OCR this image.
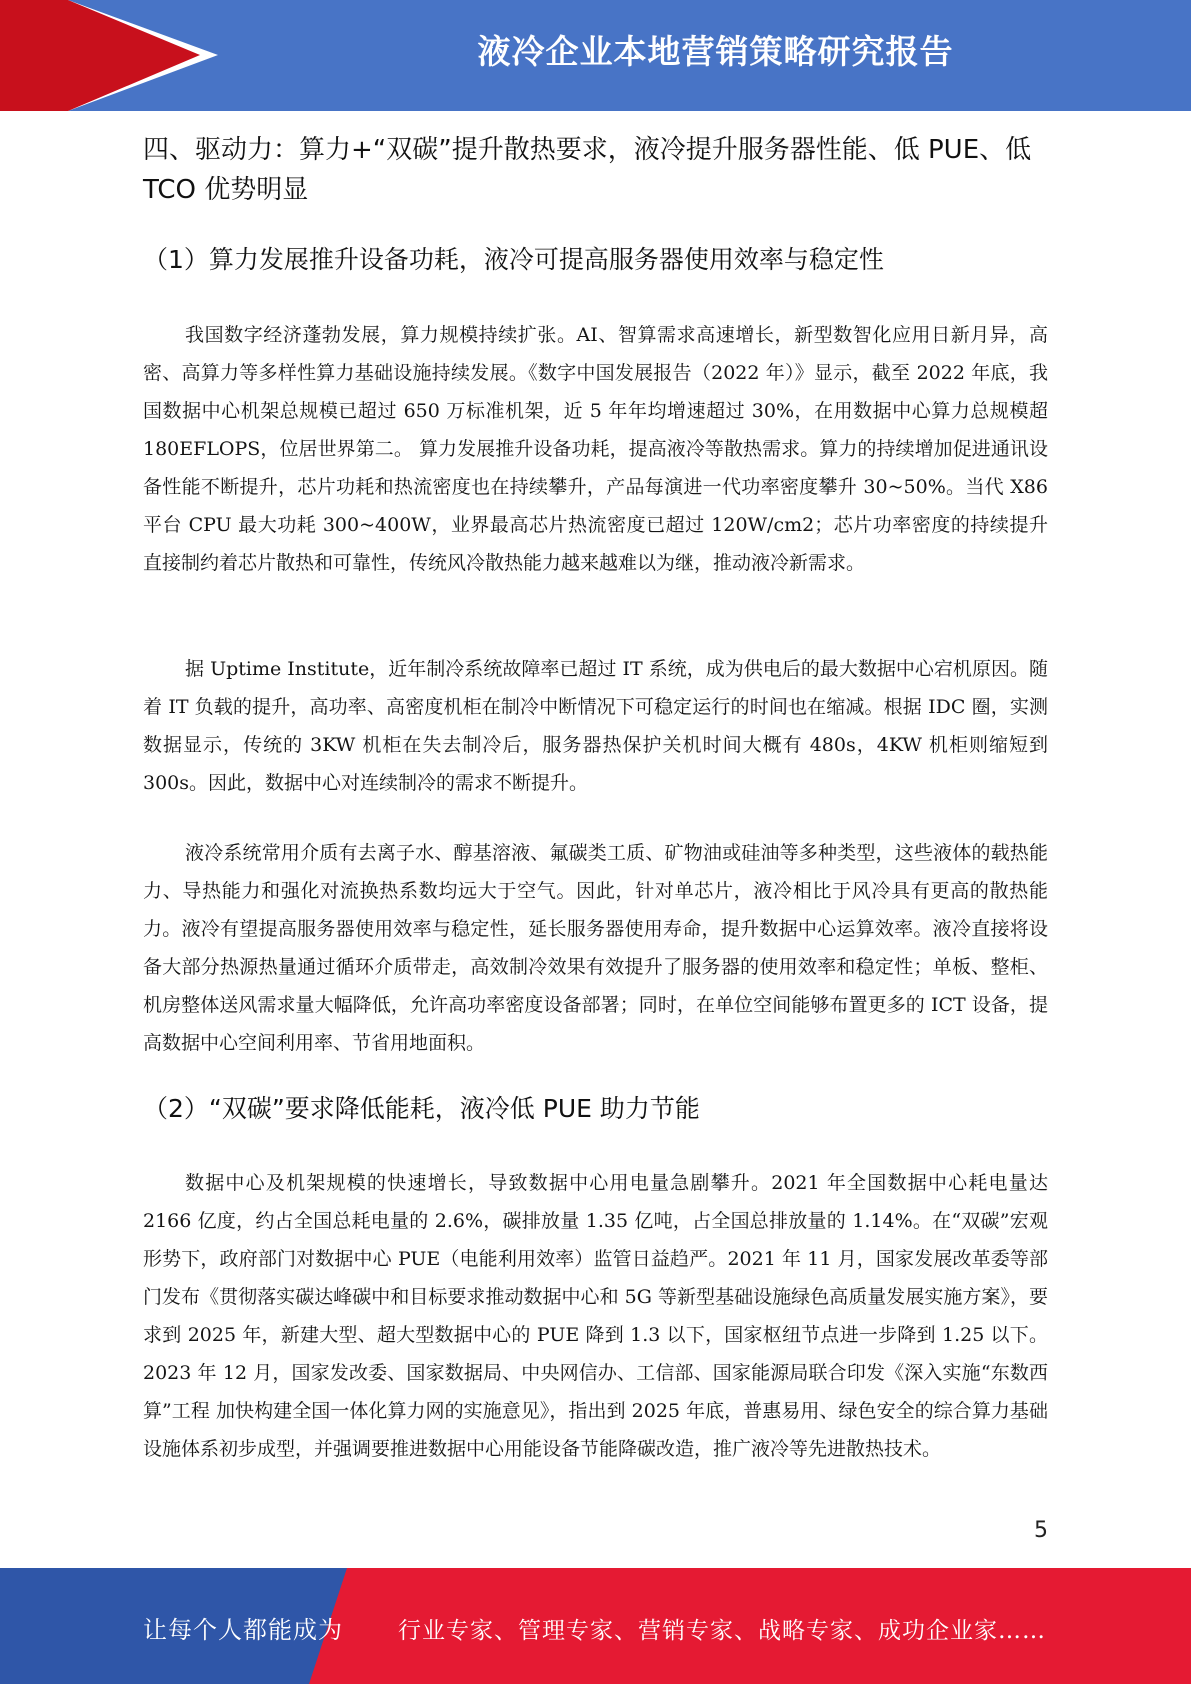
液冷企业本地营销策略研究报告
四、驱动力：算力+“双碳”提升散热要求，液冷提升服务器性能、低 PUE、低 TCO 优势明显
（1）算力发展推升设备功耗，液冷可提高服务器使用效率与稳定性

我国数字经济蓬勃发展，算力规模持续扩张。AI、智算需求高速增长，新型数智化应用日新月异，高密、高算力等多样性算力基础设施持续发展。《数字中国发展报告（2022 年）》显示，截至 2022 年底，我国数据中心机架总规模已超过 650 万标准机架，近 5 年年均增速超过 30%，在用数据中心算力总规模超 180EFLOPS，位居世界第二。 算力发展推升设备功耗，提高液冷等散热需求。算力的持续增加促进通讯设备性能不断提升，芯片功耗和热流密度也在持续攀升，产品每演进一代功率密度攀升 30~50%。当代 X86 平台 CPU 最大功耗 300~400W，业界最高芯片热流密度已超过 120W/cm2；芯片功率密度的持续提升直接制约着芯片散热和可靠性，传统风冷散热能力越来越难以为继，推动液冷新需求。

据 Uptime Institute，近年制冷系统故障率已超过 IT 系统，成为供电后的最大数据中心宕机原因。随着 IT 负载的提升，高功率、高密度机柜在制冷中断情况下可稳定运行的时间也在缩减。根据 IDC 圈，实测数据显示，传统的 3KW 机柜在失去制冷后，服务器热保护关机时间大概有 480s，4KW 机柜则缩短到 300s。因此，数据中心对连续制冷的需求不断提升。

液冷系统常用介质有去离子水、醇基溶液、氟碳类工质、矿物油或硅油等多种类型，这些液体的载热能力、导热能力和强化对流换热系数均远大于空气。因此，针对单芯片，液冷相比于风冷具有更高的散热能力。液冷有望提高服务器使用效率与稳定性，延长服务器使用寿命，提升数据中心运算效率。液冷直接将设备大部分热源热量通过循环介质带走，高效制冷效果有效提升了服务器的使用效率和稳定性；单板、整柜、机房整体送风需求量大幅降低，允许高功率密度设备部署；同时，在单位空间能够布置更多的 ICT 设备，提高数据中心空间利用率、节省用地面积。

（2）“双碳”要求降低能耗，液冷低 PUE 助力节能

数据中心及机架规模的快速增长，导致数据中心用电量急剧攀升。2021 年全国数据中心耗电量达 2166 亿度，约占全国总耗电量的 2.6%，碳排放量 1.35 亿吨，占全国总排放量的 1.14%。在“双碳”宏观形势下，政府部门对数据中心 PUE（电能利用效率）监管日益趋严。2021 年 11 月，国家发展改革委等部门发布《贯彻落实碳达峰碳中和目标要求推动数据中心和 5G 等新型基础设施绿色高质量发展实施方案》，要求到 2025 年，新建大型、超大型数据中心的 PUE 降到 1.3 以下，国家枢纽节点进一步降到 1.25 以下。 2023 年 12 月，国家发改委、国家数据局、中央网信办、工信部、国家能源局联合印发《深入实施“东数西算”工程 加快构建全国一体化算力网的实施意见》，指出到 2025 年底，普惠易用、绿色安全的综合算力基础设施体系初步成型，并强调要推进数据中心用能设备节能降碳改造，推广液冷等先进散热技术。

5
让每个人都能成为 行业专家、管理专家、营销专家、战略专家、成功企业家……
